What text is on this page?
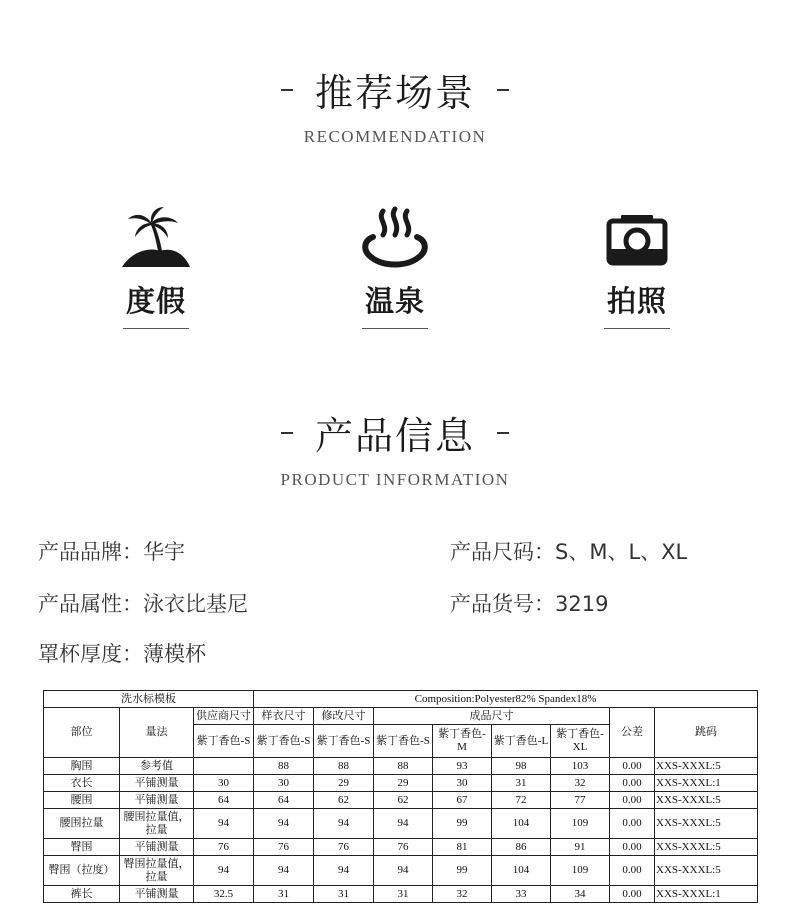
推荐场景
RECOMMENDATION
度假	温泉	拍照
产品信息
PRODUCT INFORMATION
产品品牌：华宇	产品尺码：S、M、L、XL
产品属性：泳衣比基尼	产品货号：3219
罩杯厚度：薄模杯
洗水标模板			Composition:Polyester82% Spandex18%							
部位	量法	供应商尺寸	样衣尺寸	修改尺寸	成品尺寸				公差	跳码
		紫丁香色-S	紫丁香色-S	紫丁香色-S	紫丁香色-S	紫丁香色-M	紫丁香色-L	紫丁香色-XL		
胸围	参考值		88	88	88	93	98	103	0.00	XXS-XXXL:5
衣长	平铺测量	30	30	29	29	30	31	32	0.00	XXS-XXXL:1
腰围	平铺测量	64	64	62	62	67	72	77	0.00	XXS-XXXL:5
腰围拉量	腰围拉量值，拉量	94	94	94	94	99	104	109	0.00	XXS-XXXL:5
臀围	平铺测量	76	76	76	76	81	86	91	0.00	XXS-XXXL:5
臀围（拉度）	臀围拉量值，拉量	94	94	94	94	99	104	109	0.00	XXS-XXXL:5
裤长	平铺测量	32.5	31	31	31	32	33	34	0.00	XXS-XXXL:1
